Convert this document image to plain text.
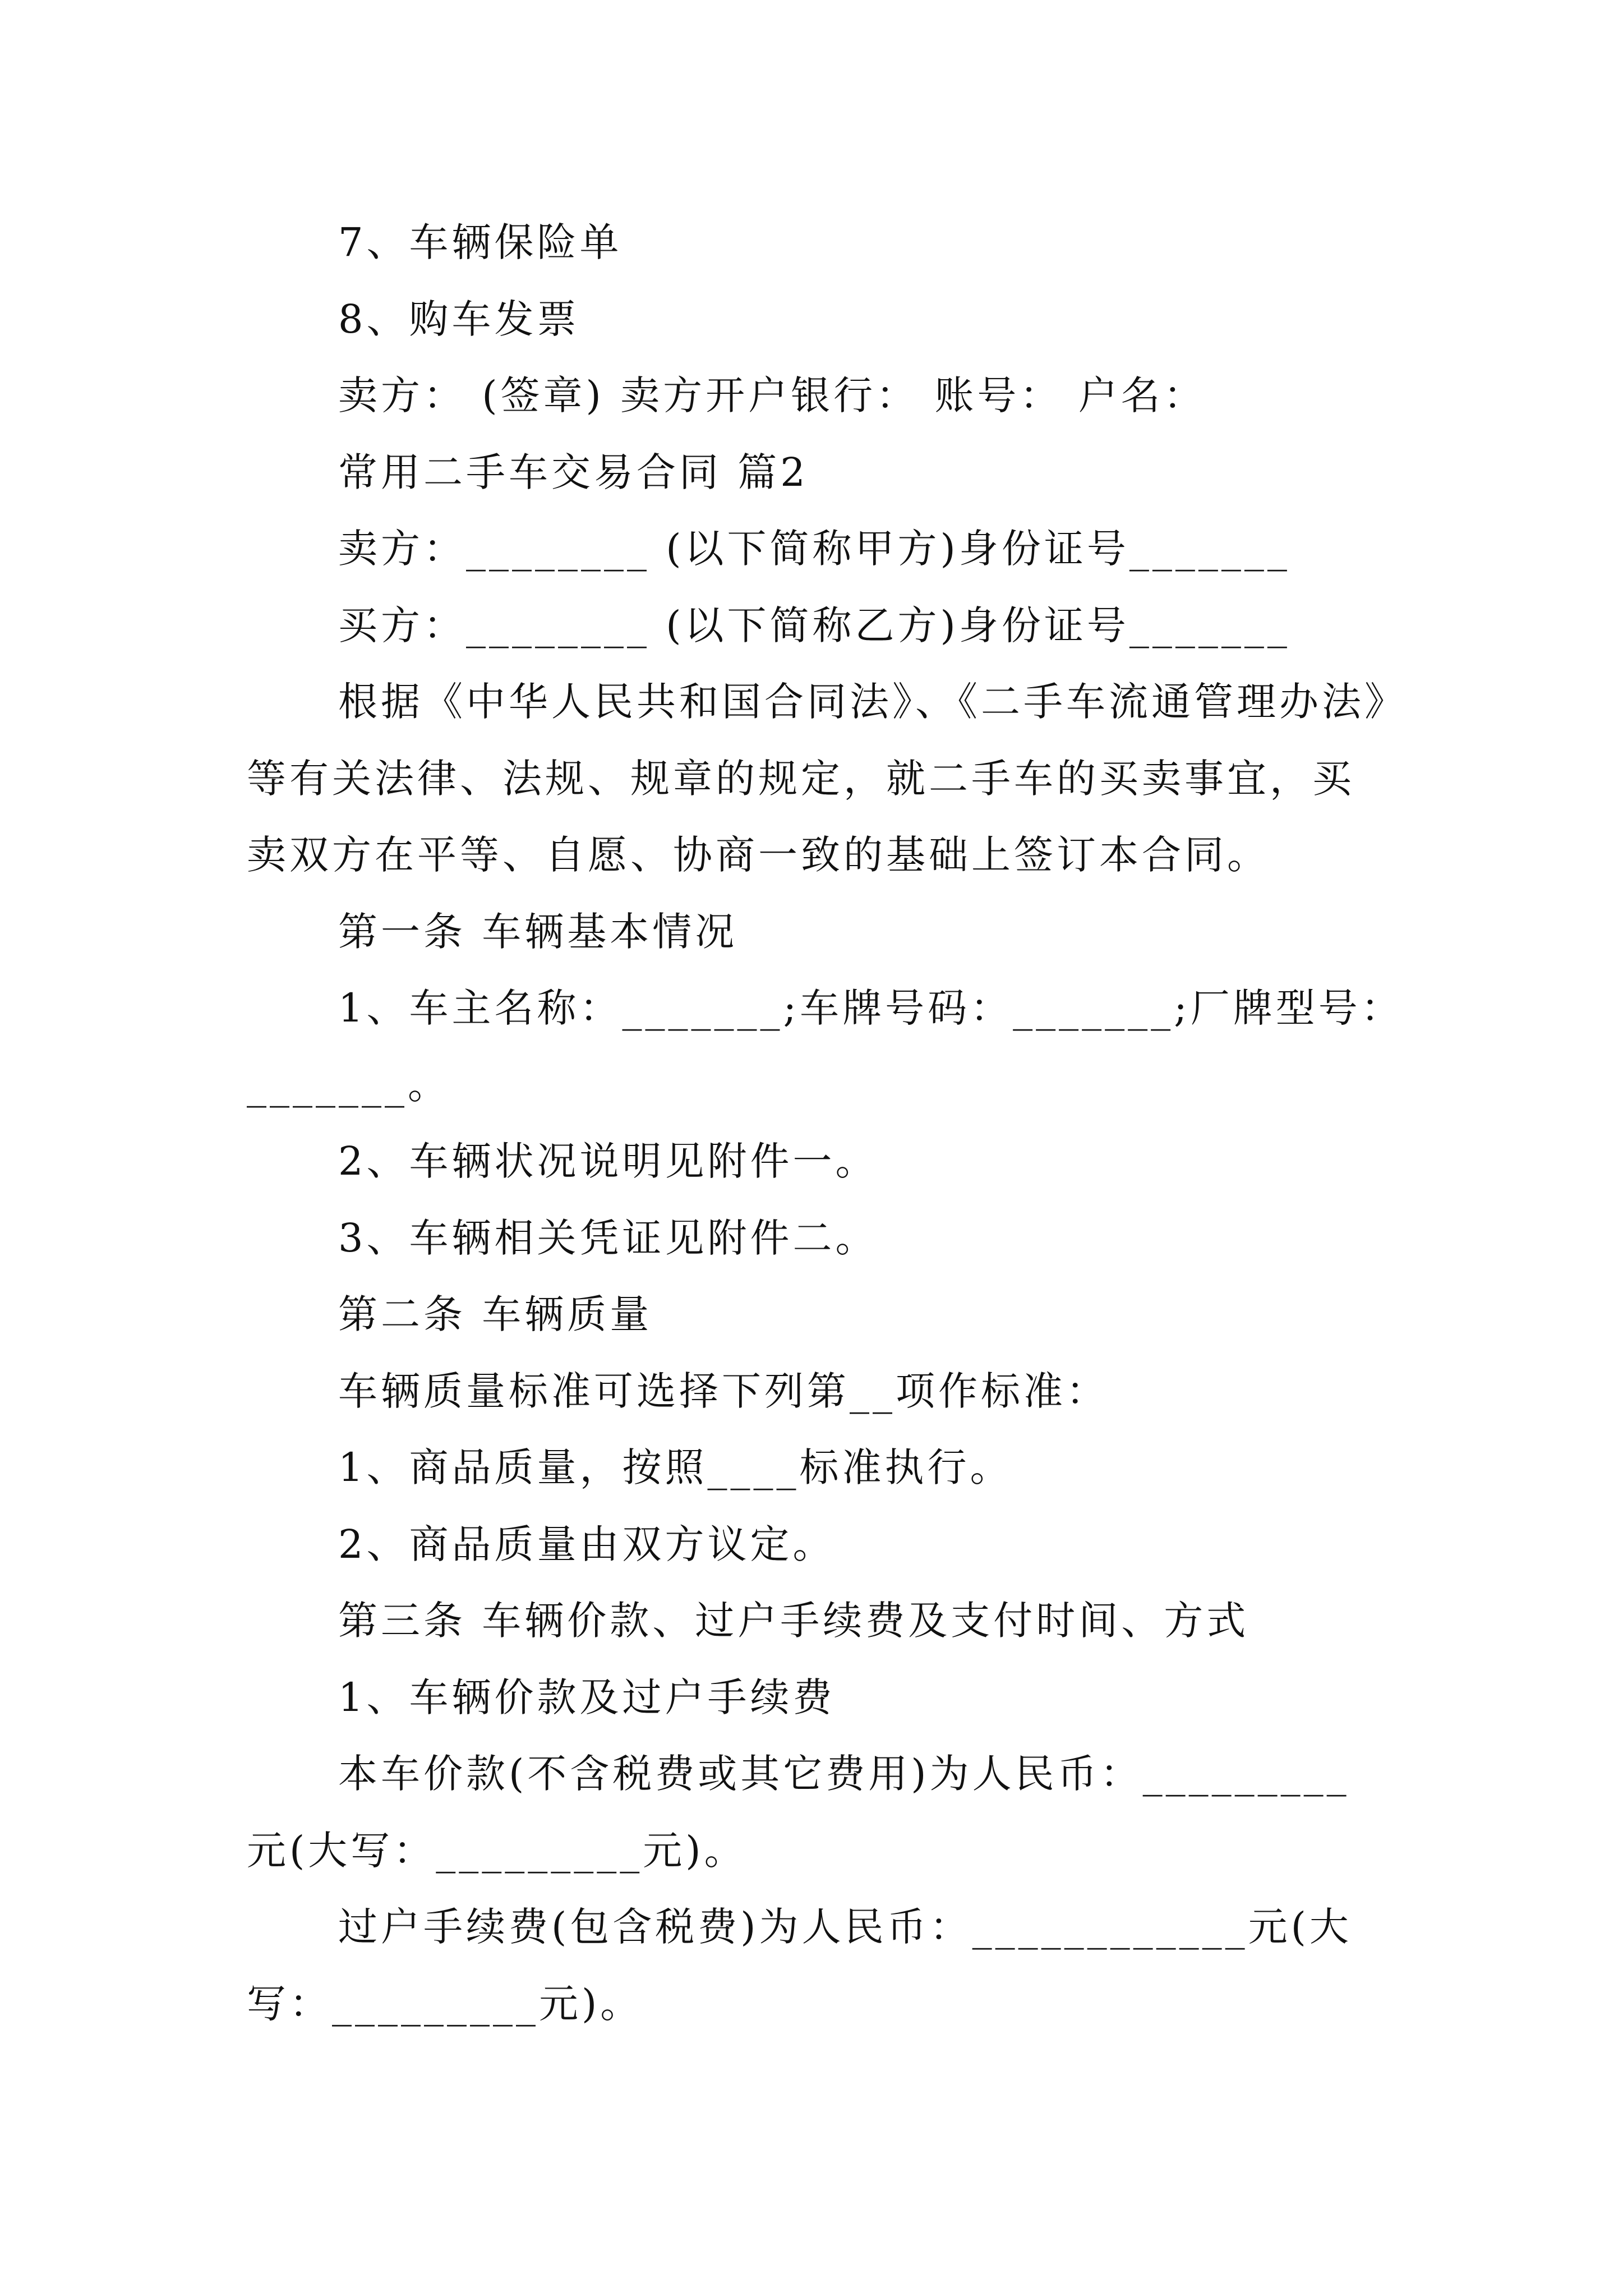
7、车辆保险单
8、购车发票
卖方： (签章) 卖方开户银行： 账号： 户名：
常用二手车交易合同 篇2
卖方：________ (以下简称甲方)身份证号_______
买方：________ (以下简称乙方)身份证号_______
根据《中华人民共和国合同法》、《二手车流通管理办法》
等有关法律、法规、规章的规定，就二手车的买卖事宜，买
卖双方在平等、自愿、协商一致的基础上签订本合同。
第一条 车辆基本情况
1、车主名称：_______;车牌号码：_______;厂牌型号：
_______。
2、车辆状况说明见附件一。
3、车辆相关凭证见附件二。
第二条 车辆质量
车辆质量标准可选择下列第__项作标准：
1、商品质量，按照____标准执行。
2、商品质量由双方议定。
第三条 车辆价款、过户手续费及支付时间、方式
1、车辆价款及过户手续费
本车价款(不含税费或其它费用)为人民币：_________
元(大写：_________元)。
过户手续费(包含税费)为人民币：____________元(大
写：_________元)。
